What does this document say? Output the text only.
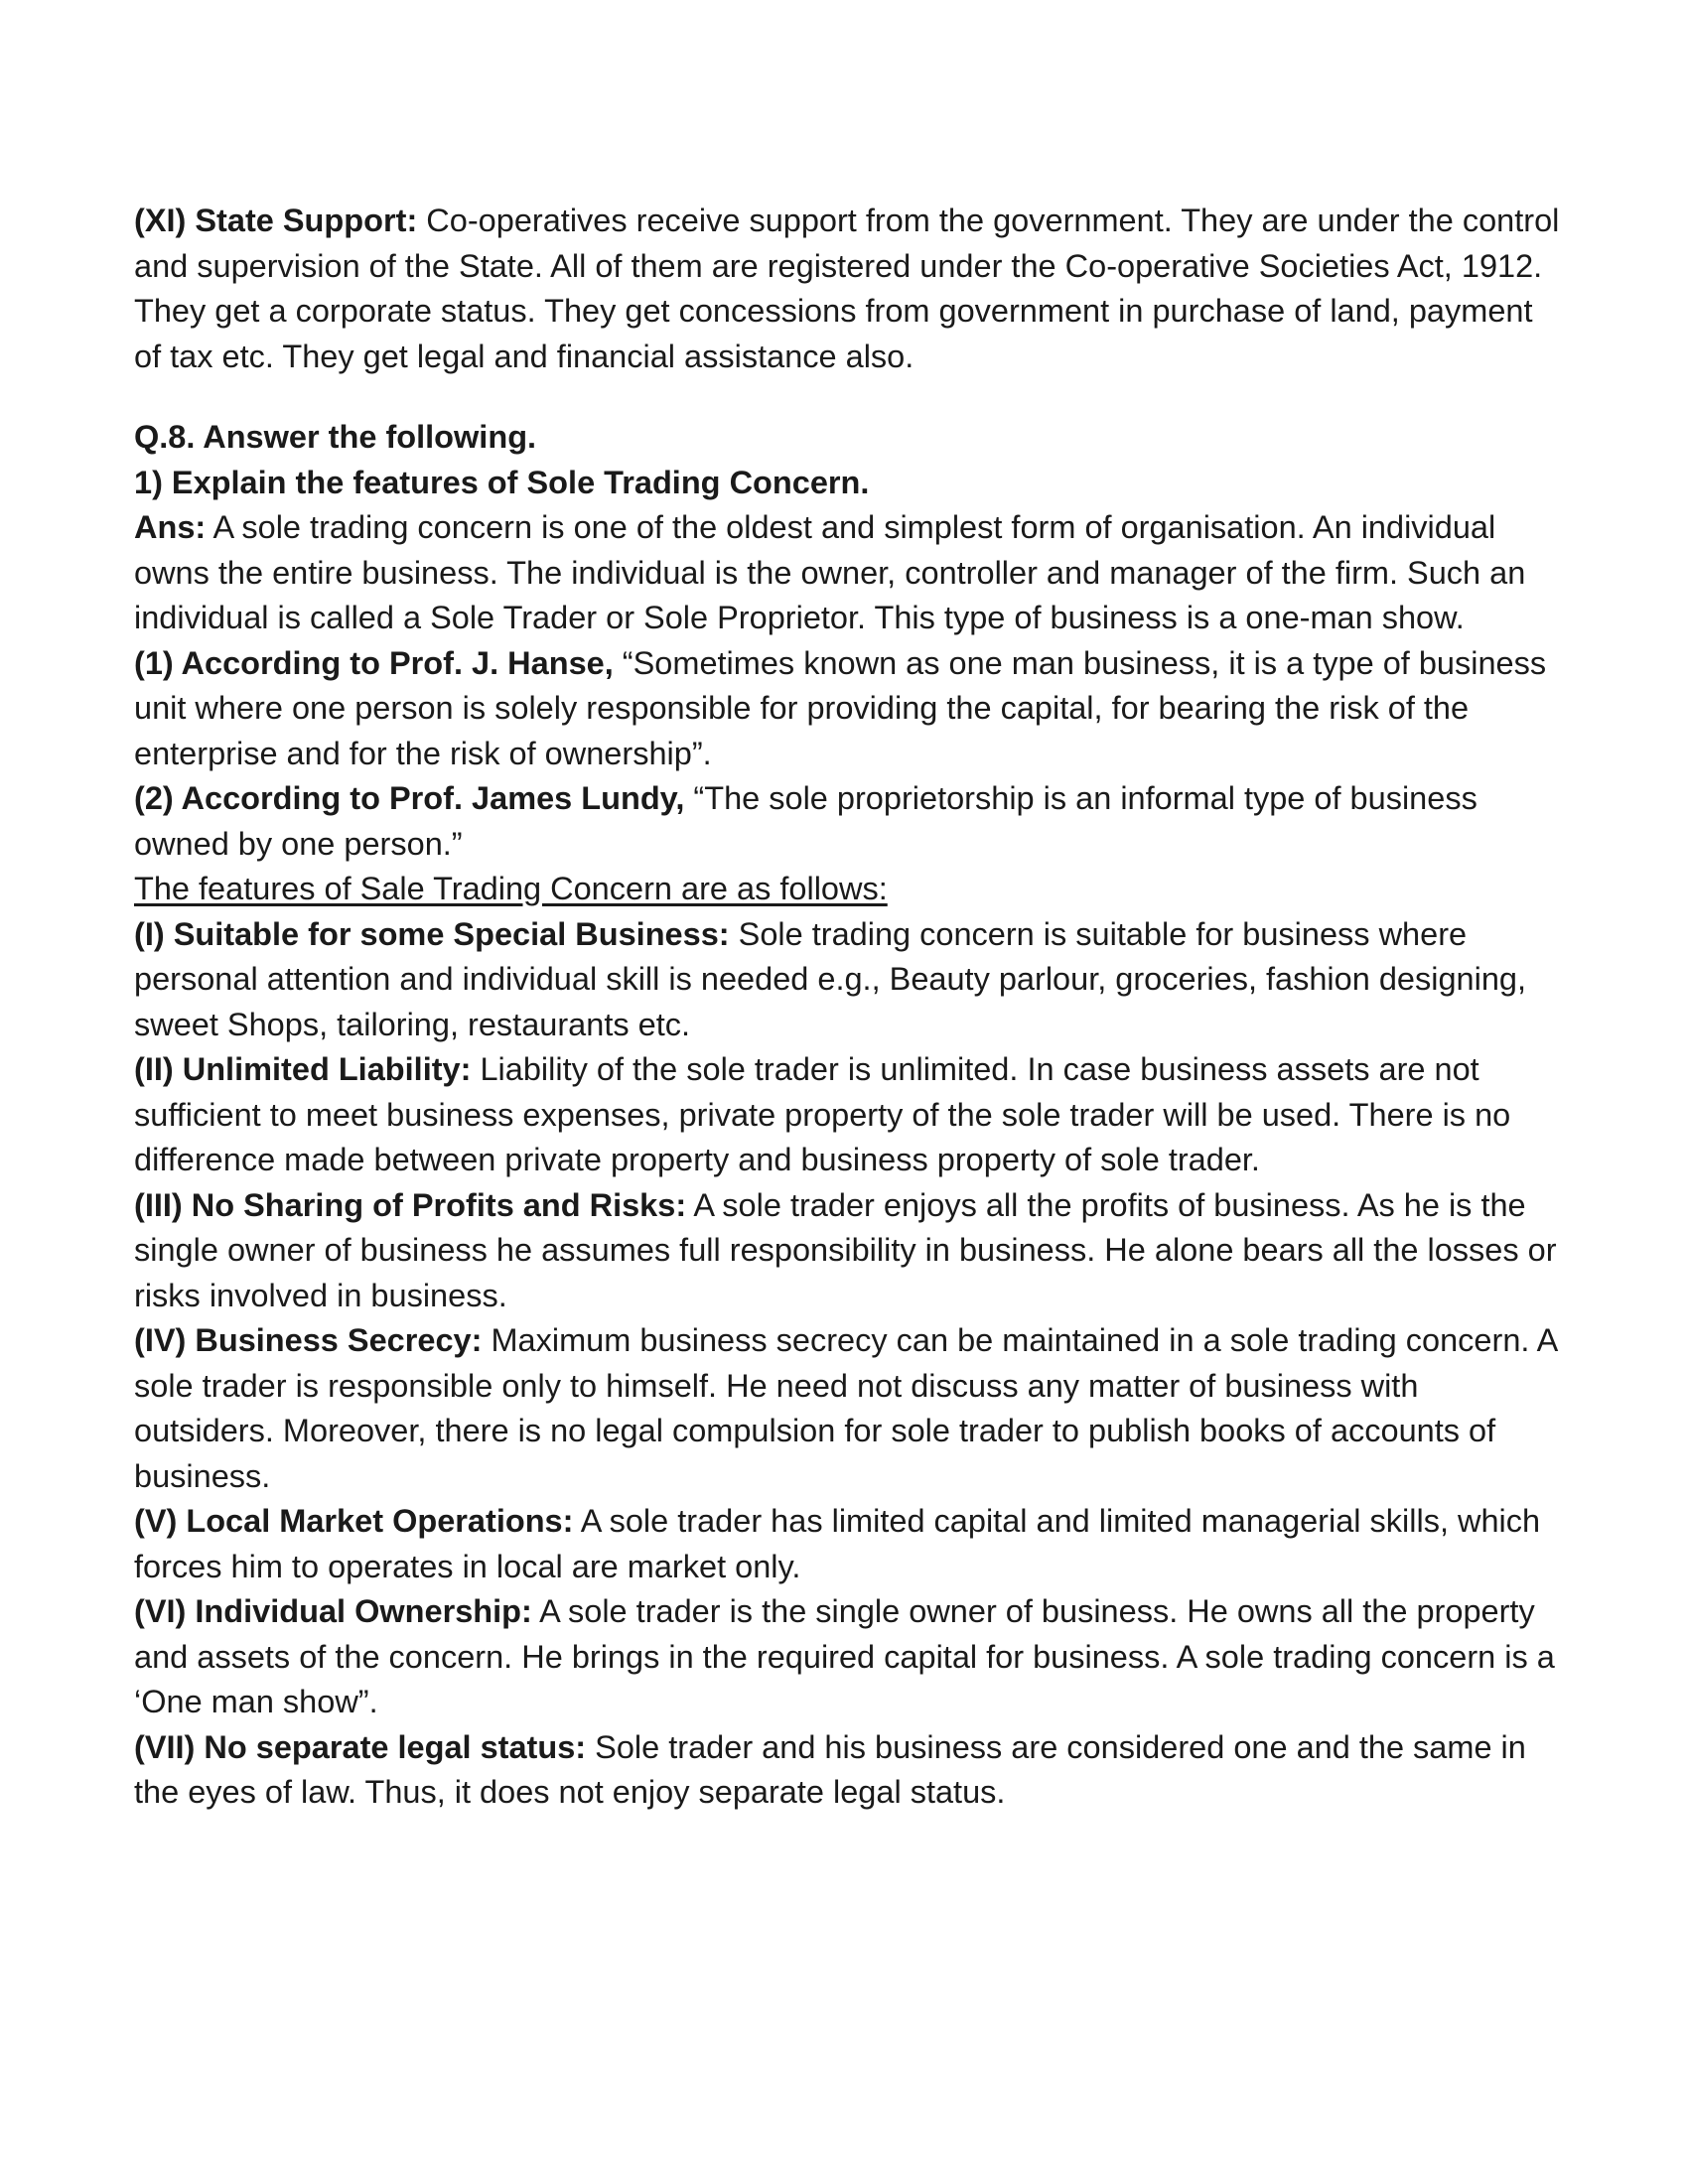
(XI) State Support: Co-operatives receive support from the government. They are under the control and supervision of the State. All of them are registered under the Co-operative Societies Act, 1912. They get a corporate status. They get concessions from government in purchase of land, payment of tax etc. They get legal and financial assistance also.

Q.8. Answer the following.

1) Explain the features of Sole Trading Concern.

Ans: A sole trading concern is one of the oldest and simplest form of organisation. An individual owns the entire business. The individual is the owner, controller and manager of the firm. Such an individual is called a Sole Trader or Sole Proprietor. This type of business is a one-man show.

(1) According to Prof. J. Hanse, “Sometimes known as one man business, it is a type of business unit where one person is solely responsible for providing the capital, for bearing the risk of the enterprise and for the risk of ownership”.

(2) According to Prof. James Lundy, “The sole proprietorship is an informal type of business owned by one person.”

The features of Sale Trading Concern are as follows:

(I) Suitable for some Special Business: Sole trading concern is suitable for business where personal attention and individual skill is needed e.g., Beauty parlour, groceries, fashion designing, sweet Shops, tailoring, restaurants etc.

(II) Unlimited Liability: Liability of the sole trader is unlimited. In case business assets are not sufficient to meet business expenses, private property of the sole trader will be used. There is no difference made between private property and business property of sole trader.

(III) No Sharing of Profits and Risks: A sole trader enjoys all the profits of business. As he is the single owner of business he assumes full responsibility in business. He alone bears all the losses or risks involved in business.

(IV) Business Secrecy: Maximum business secrecy can be maintained in a sole trading concern. A sole trader is responsible only to himself. He need not discuss any matter of business with outsiders. Moreover, there is no legal compulsion for sole trader to publish books of accounts of business.

(V) Local Market Operations: A sole trader has limited capital and limited managerial skills, which forces him to operates in local are market only.

(VI) Individual Ownership: A sole trader is the single owner of business. He owns all the property and assets of the concern. He brings in the required capital for business. A sole trading concern is a ‘One man show”.

(VII) No separate legal status: Sole trader and his business are considered one and the same in the eyes of law. Thus, it does not enjoy separate legal status.
